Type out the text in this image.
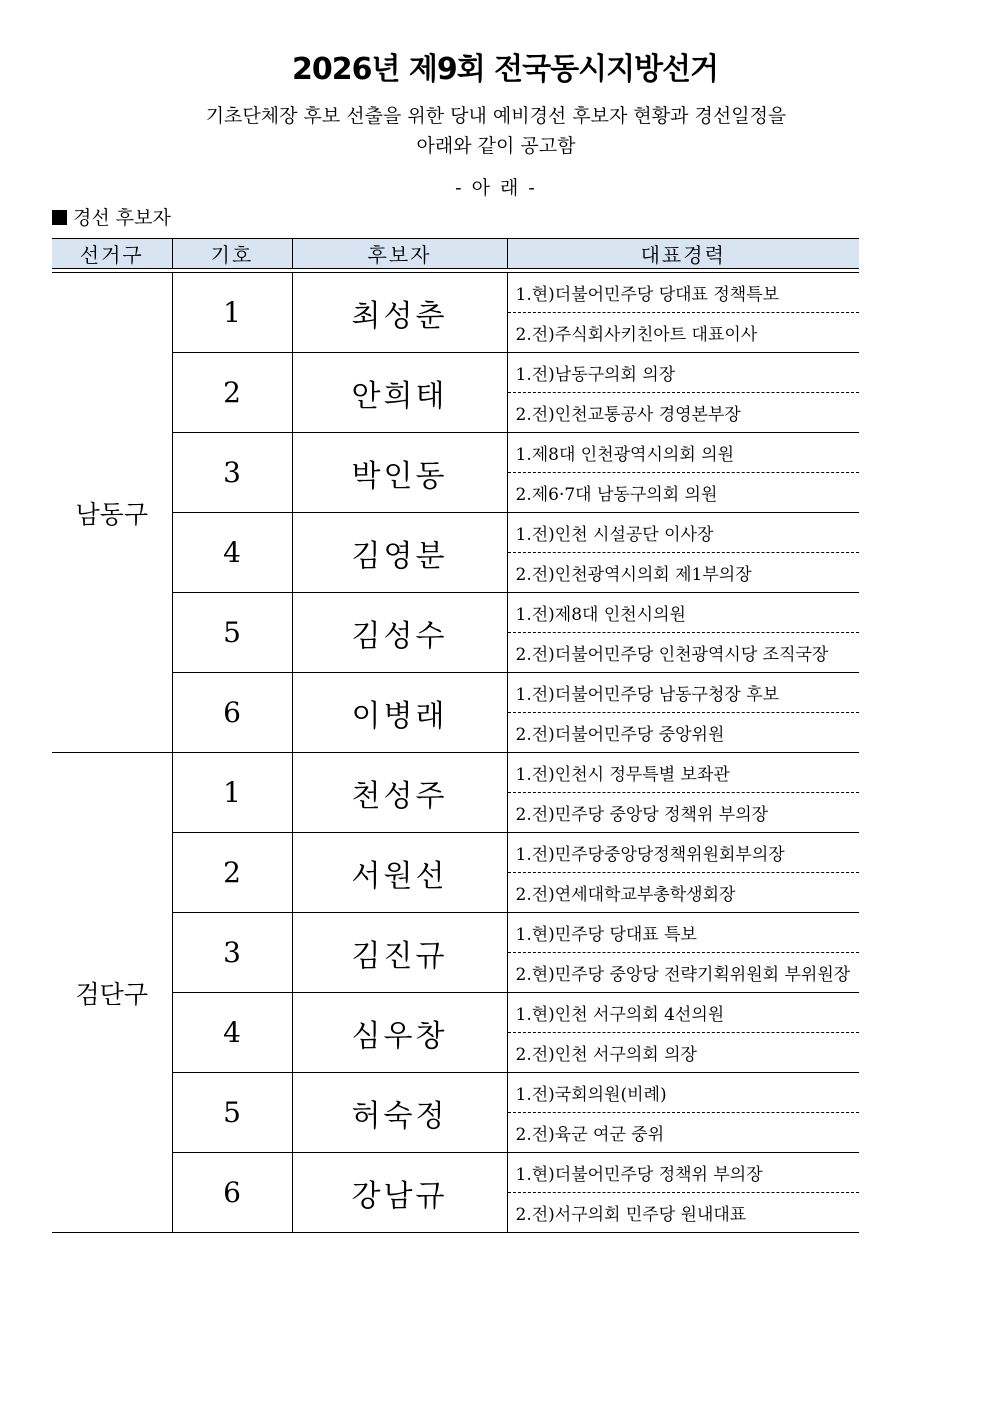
2026년 제9회 전국동시지방선거
기초단체장 후보 선출을 위한 당내 예비경선 후보자 현황과 경선일정을
아래와 같이 공고함
- 아 래 -
경선 후보자
선거구	기호	후보자	대표경력

남동구	1	최성춘	1.현)더불어민주당 당대표 정책특보
			2.전)주식회사키친아트 대표이사
	2	안희태	1.전)남동구의회 의장
			2.전)인천교통공사 경영본부장
	3	박인동	1.제8대 인천광역시의회 의원
			2.제6·7대 남동구의회 의원
	4	김영분	1.전)인천 시설공단 이사장
			2.전)인천광역시의회 제1부의장
	5	김성수	1.전)제8대 인천시의원
			2.전)더불어민주당 인천광역시당 조직국장
	6	이병래	1.전)더불어민주당 남동구청장 후보
			2.전)더불어민주당 중앙위원
검단구	1	천성주	1.전)인천시 정무특별 보좌관
			2.전)민주당 중앙당 정책위 부의장
	2	서원선	1.전)민주당중앙당정책위원회부의장
			2.전)연세대학교부총학생회장
	3	김진규	1.현)민주당 당대표 특보
			2.현)민주당 중앙당 전략기획위원회 부위원장
	4	심우창	1.현)인천 서구의회 4선의원
			2.전)인천 서구의회 의장
	5	허숙정	1.전)국회의원(비례)
			2.전)육군 여군 중위
	6	강남규	1.현)더불어민주당 정책위 부의장
			2.전)서구의회 민주당 원내대표
